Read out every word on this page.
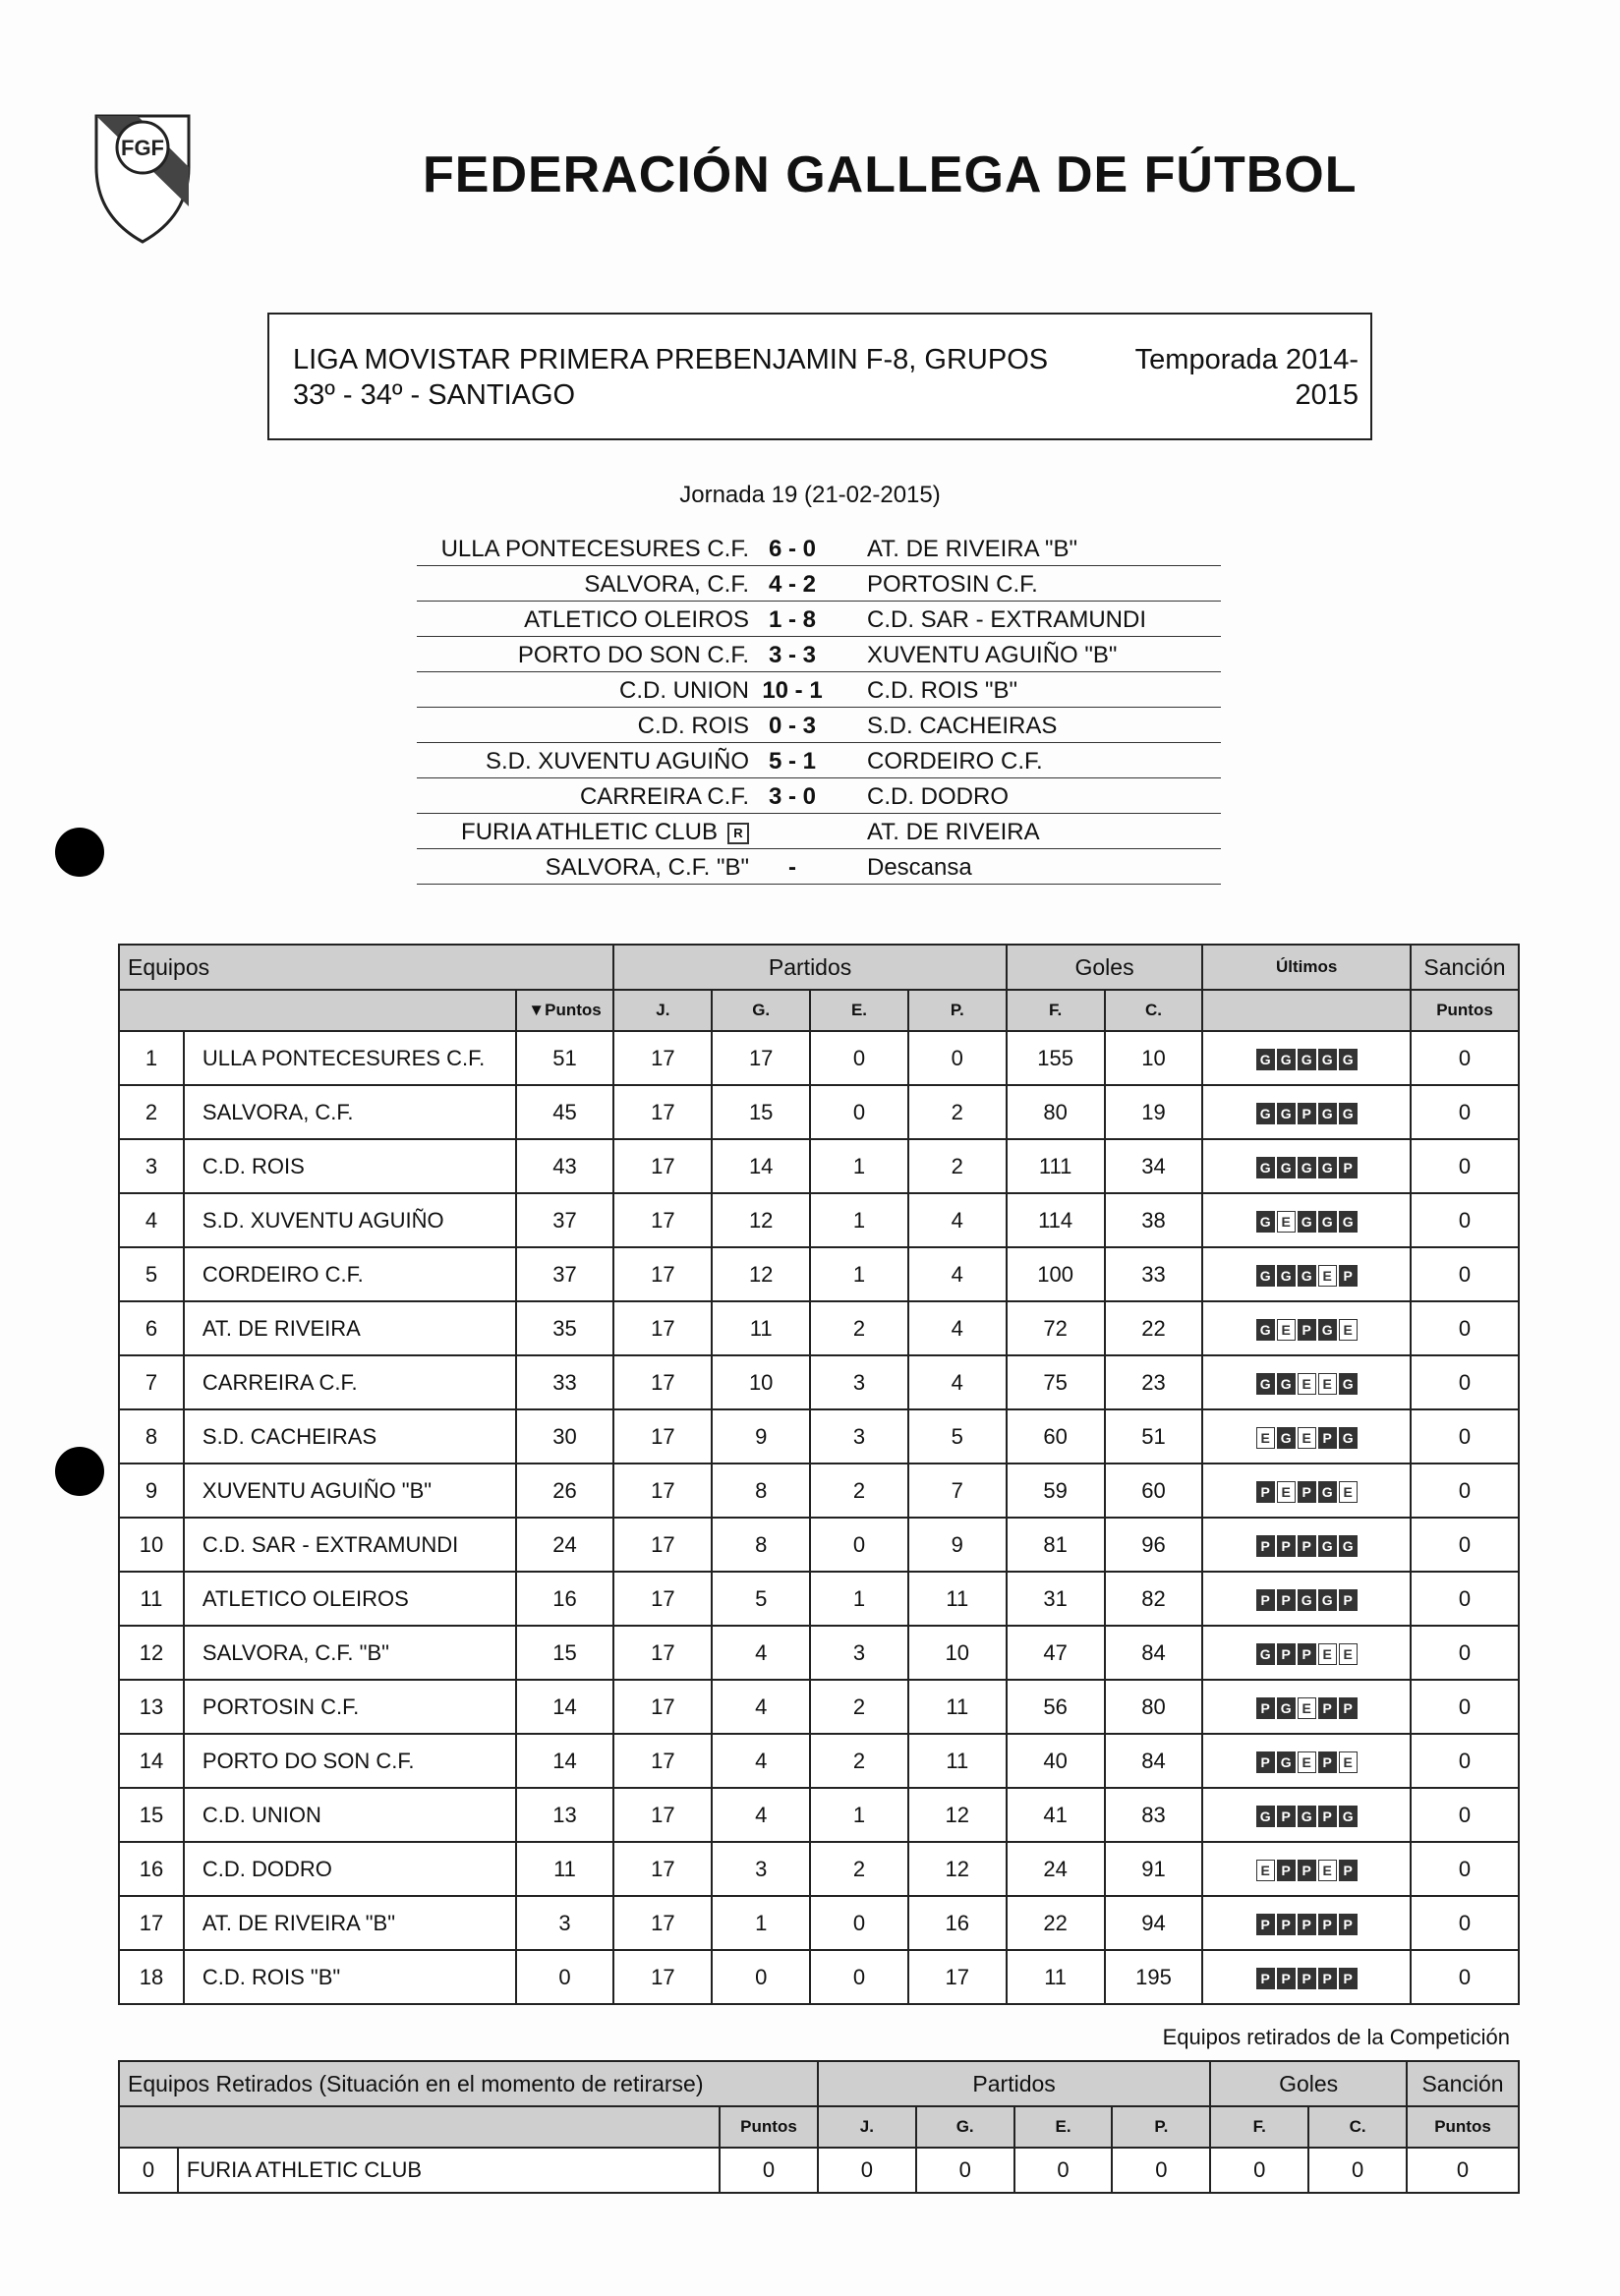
FGF	FEDERACIÓN GALLEGA DE FÚTBOL
LIGA MOVISTAR PRIMERA PREBENJAMIN F-8, GRUPOS
33º - 34º - SANTIAGO
Temporada 2014-
2015
Jornada 19 (21-02-2015)
ULLA PONTECESURES C.F. 6 - 0	AT. DE RIVEIRA "B"
SALVORA, C.F. 4 - 2	PORTOSIN C.F.
ATLETICO OLEIROS 1 - 8	C.D. SAR - EXTRAMUNDI
PORTO DO SON C.F. 3 - 3	XUVENTU AGUIÑO "B"
C.D. UNION 10 - 1	C.D. ROIS "B"
C.D. ROIS 0 - 3	S.D. CACHEIRAS
S.D. XUVENTU AGUIÑO 5 - 1	CORDEIRO C.F.
CARREIRA C.F. 3 - 0	C.D. DODRO
FURIA ATHLETIC CLUB R	AT. DE RIVEIRA
SALVORA, C.F. "B"	-	Descansa
Equipos			Partidos				Goles		Últimos	Sanción
		▼Puntos	J.	G.	E.	P.	F.	C.		Puntos
1	ULLA PONTECESURES C.F.	51	17	17	0	0	155	10	G G G G G	0
2	SALVORA, C.F.	45	17	15	0	2	80	19	G G P G G	0
3	C.D. ROIS	43	17	14	1	2	111	34	G G G G P	0
4	S.D. XUVENTU AGUIÑO	37	17	12	1	4	114	38	G E G G G	0
5	CORDEIRO C.F.	37	17	12	1	4	100	33	G G G E P	0
6	AT. DE RIVEIRA	35	17	11	2	4	72	22	G E P G E	0
7	CARREIRA C.F.	33	17	10	3	4	75	23	G G E E G	0
8	S.D. CACHEIRAS	30	17	9	3	5	60	51	E G E P G	0
9	XUVENTU AGUIÑO "B"	26	17	8	2	7	59	60	P E P G E	0
10	C.D. SAR - EXTRAMUNDI	24	17	8	0	9	81	96	P P P G G	0
11	ATLETICO OLEIROS	16	17	5	1	11	31	82	P P G G P	0
12	SALVORA, C.F. "B"	15	17	4	3	10	47	84	G P P E E	0
13	PORTOSIN C.F.	14	17	4	2	11	56	80	P G E P P	0
14	PORTO DO SON C.F.	14	17	4	2	11	40	84	P G E P E	0
15	C.D. UNION	13	17	4	1	12	41	83	G P G P G	0
16	C.D. DODRO	11	17	3	2	12	24	91	E P P E P	0
17	AT. DE RIVEIRA "B"	3	17	1	0	16	22	94	P P P P P	0
18	C.D. ROIS "B"	0	17	0	0	17	11	195	P P P P P	0
Equipos retirados de la Competición
Equipos Retirados (Situación en el momento de retirarse)			Partidos				Goles		Sanción
		Puntos	J.	G.	E.	P.	F.	C.	Puntos
0	FURIA ATHLETIC CLUB	0	0	0	0	0	0	0	0
